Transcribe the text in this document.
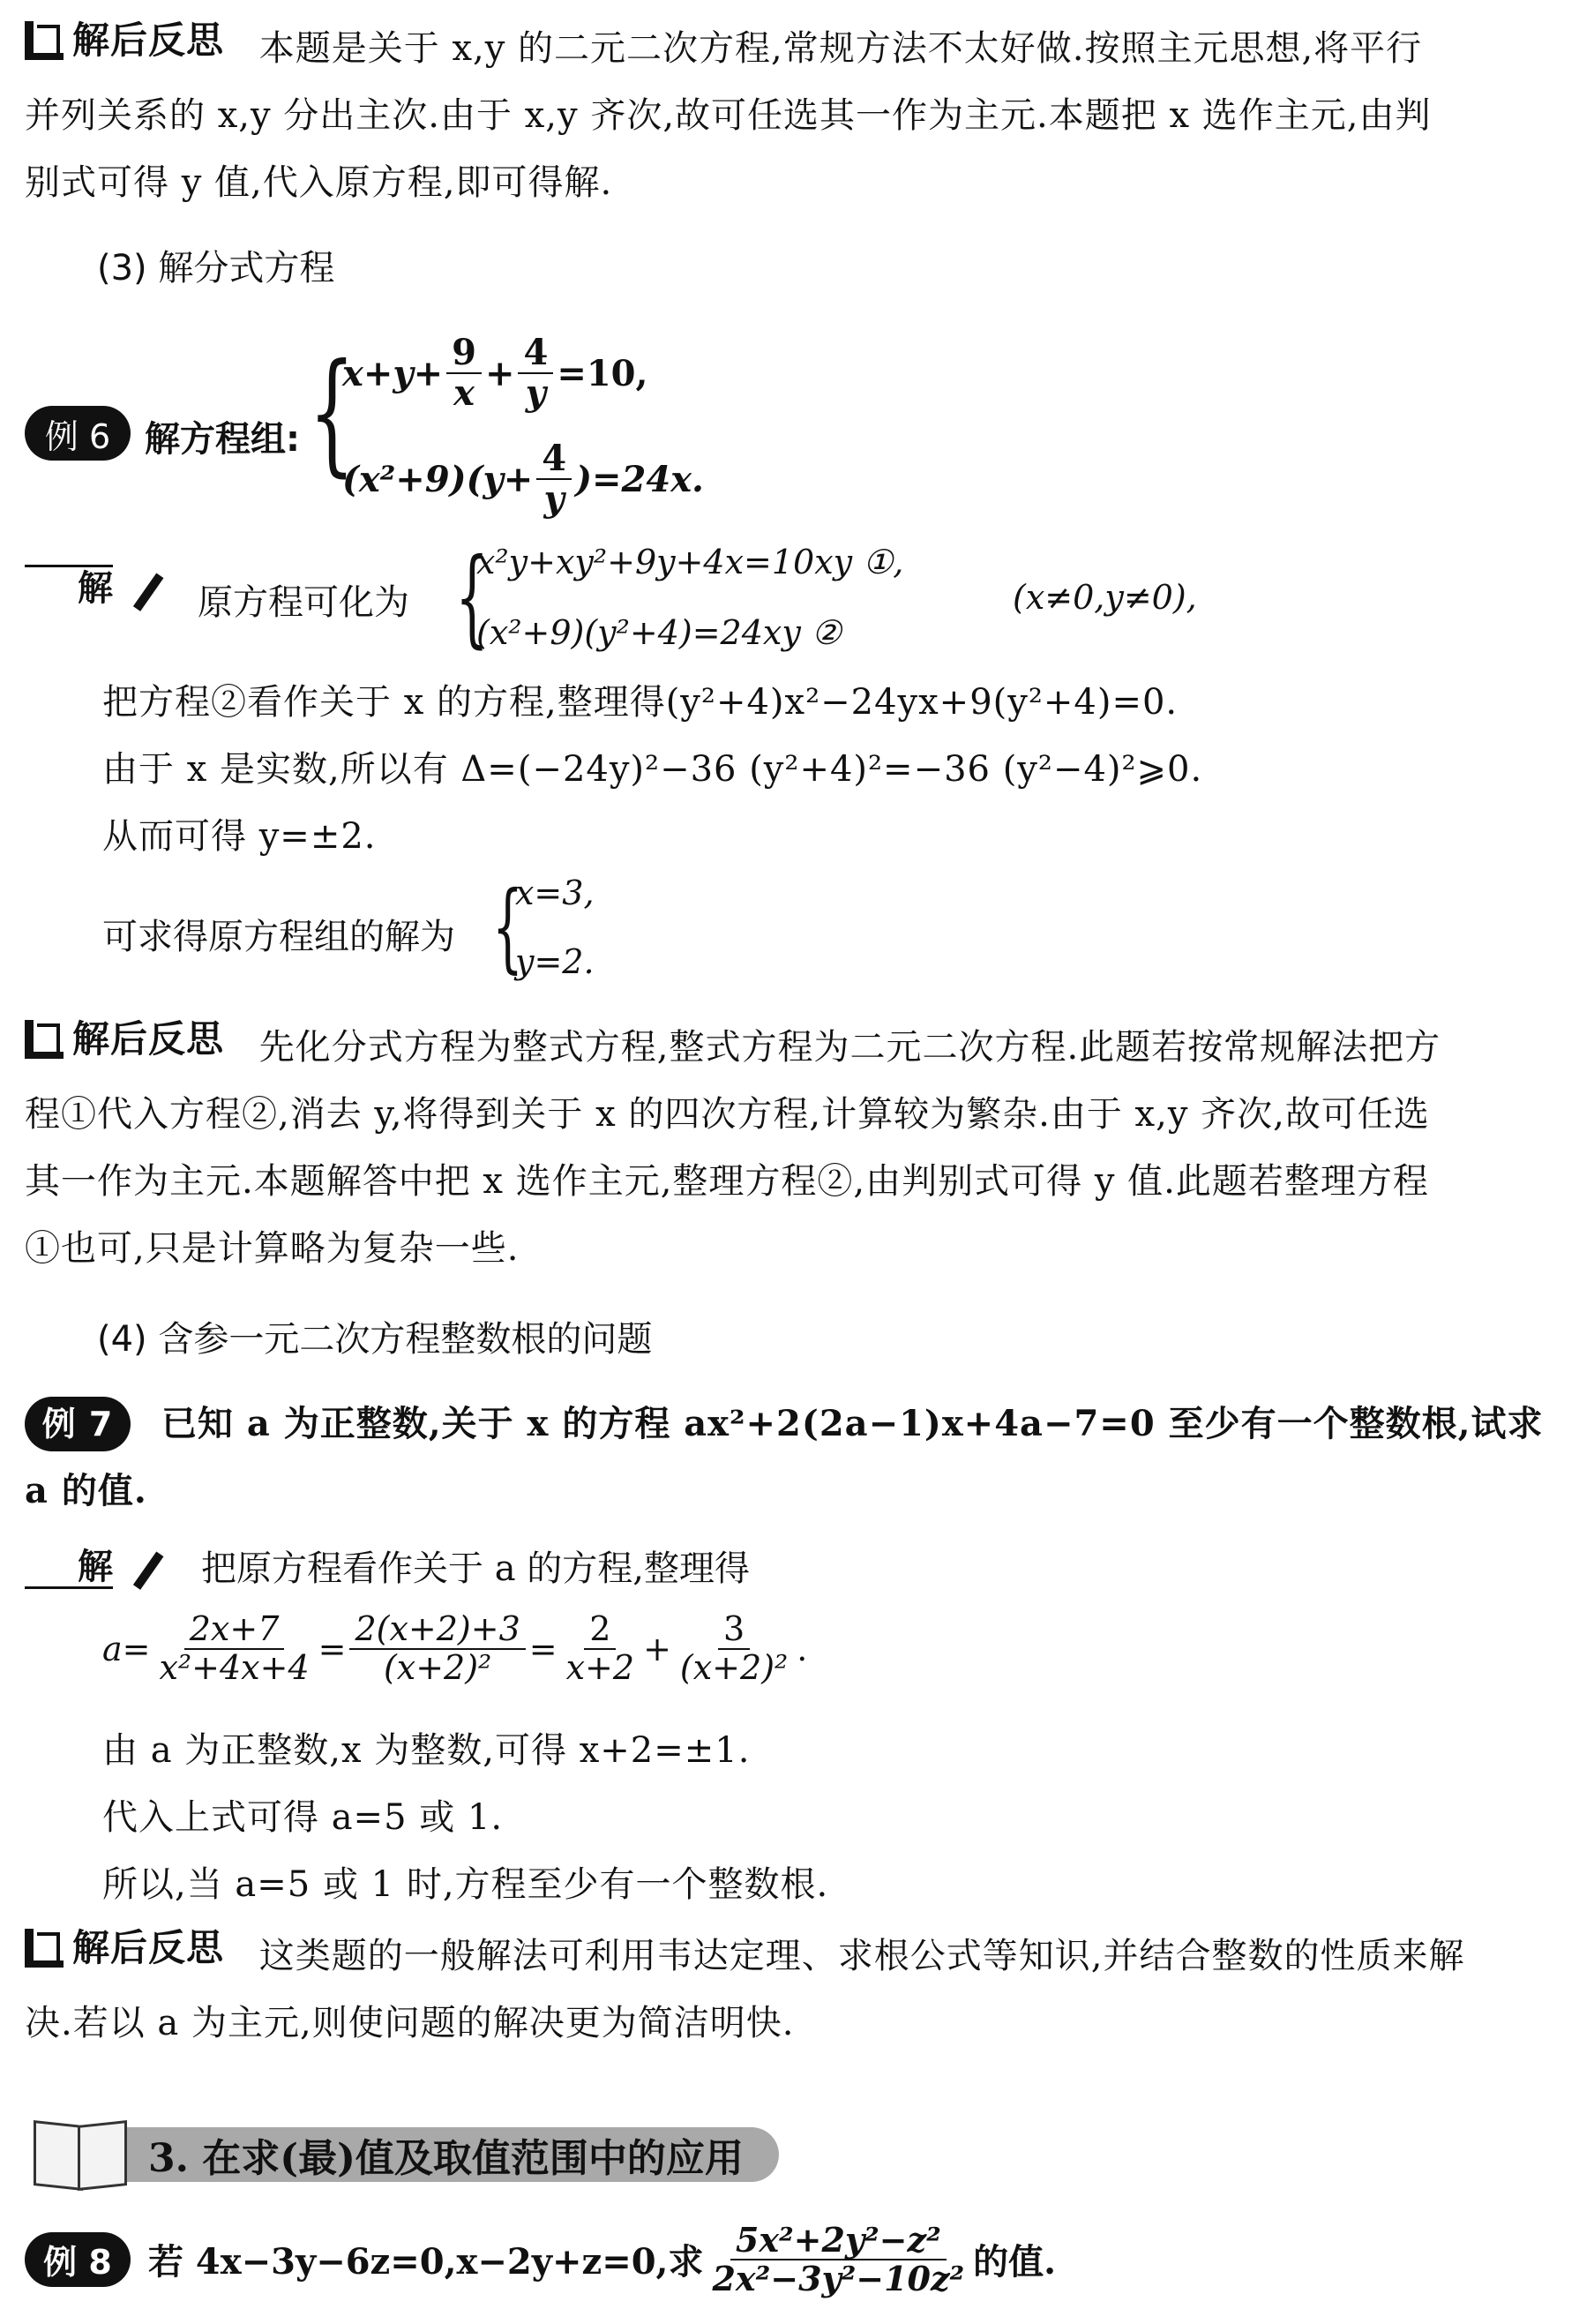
解后反思 本题是关于 x,y 的二元二次方程,常规方法不太好做.按照主元思想,将平行
并列关系的 x,y 分出主次.由于 x,y 齐次,故可任选其一作为主元.本题把 x 选作主元,由判
别式可得 y 值,代入原方程,即可得解.
(3) 解分式方程
例 6 解方程组: {
$x+y+ \frac{9}{x} + \frac{4}{y} =10$,
$(x^2+9)(y+ \frac{4}{y} )=24x$.
解 原方程可化为 {
x²y+xy²+9y+4x=10xy ①,
(x²+9)(y²+4)=24xy ②
(x≠0,y≠0),
把方程②看作关于 x 的方程,整理得(y²+4)x²−24yx+9(y²+4)=0.
由于 x 是实数,所以有 Δ=(−24y)²−36 (y²+4)²=−36 (y²−4)²⩾0.
从而可得 y=±2.
可求得原方程组的解为 {
x=3,
y=2.
解后反思 先化分式方程为整式方程,整式方程为二元二次方程.此题若按常规解法把方
程①代入方程②,消去 y,将得到关于 x 的四次方程,计算较为繁杂.由于 x,y 齐次,故可任选
其一作为主元.本题解答中把 x 选作主元,整理方程②,由判别式可得 y 值.此题若整理方程
①也可,只是计算略为复杂一些.
(4) 含参一元二次方程整数根的问题
例 7 已知 a 为正整数,关于 x 的方程 ax²+2(2a−1)x+4a−7=0 至少有一个整数根,试求
a 的值.
解	把原方程看作关于 a 的方程,整理得
$a= \frac{2x+7}{\text{x²+4x+4}} = \frac{2(x+2)+3}{\text{(x+2)²}} = \frac{2}{x+2} + \frac{3}{\text{(x+2)²}}$ .
由 a 为正整数,x 为整数,可得 x+2=±1.
代入上式可得 a=5 或 1.
所以,当 a=5 或 1 时,方程至少有一个整数根.
解后反思 这类题的一般解法可利用韦达定理、求根公式等知识,并结合整数的性质来解
决.若以 a 为主元,则使问题的解决更为简洁明快.
3. 在求(最)值及取值范围中的应用
例 8	若 4x−3y−6z=0,x−2y+z=0,求 $\frac{\text{5x²+2y²−z²}}{\text{2x²−3y²−10z²}}$ 的值.
